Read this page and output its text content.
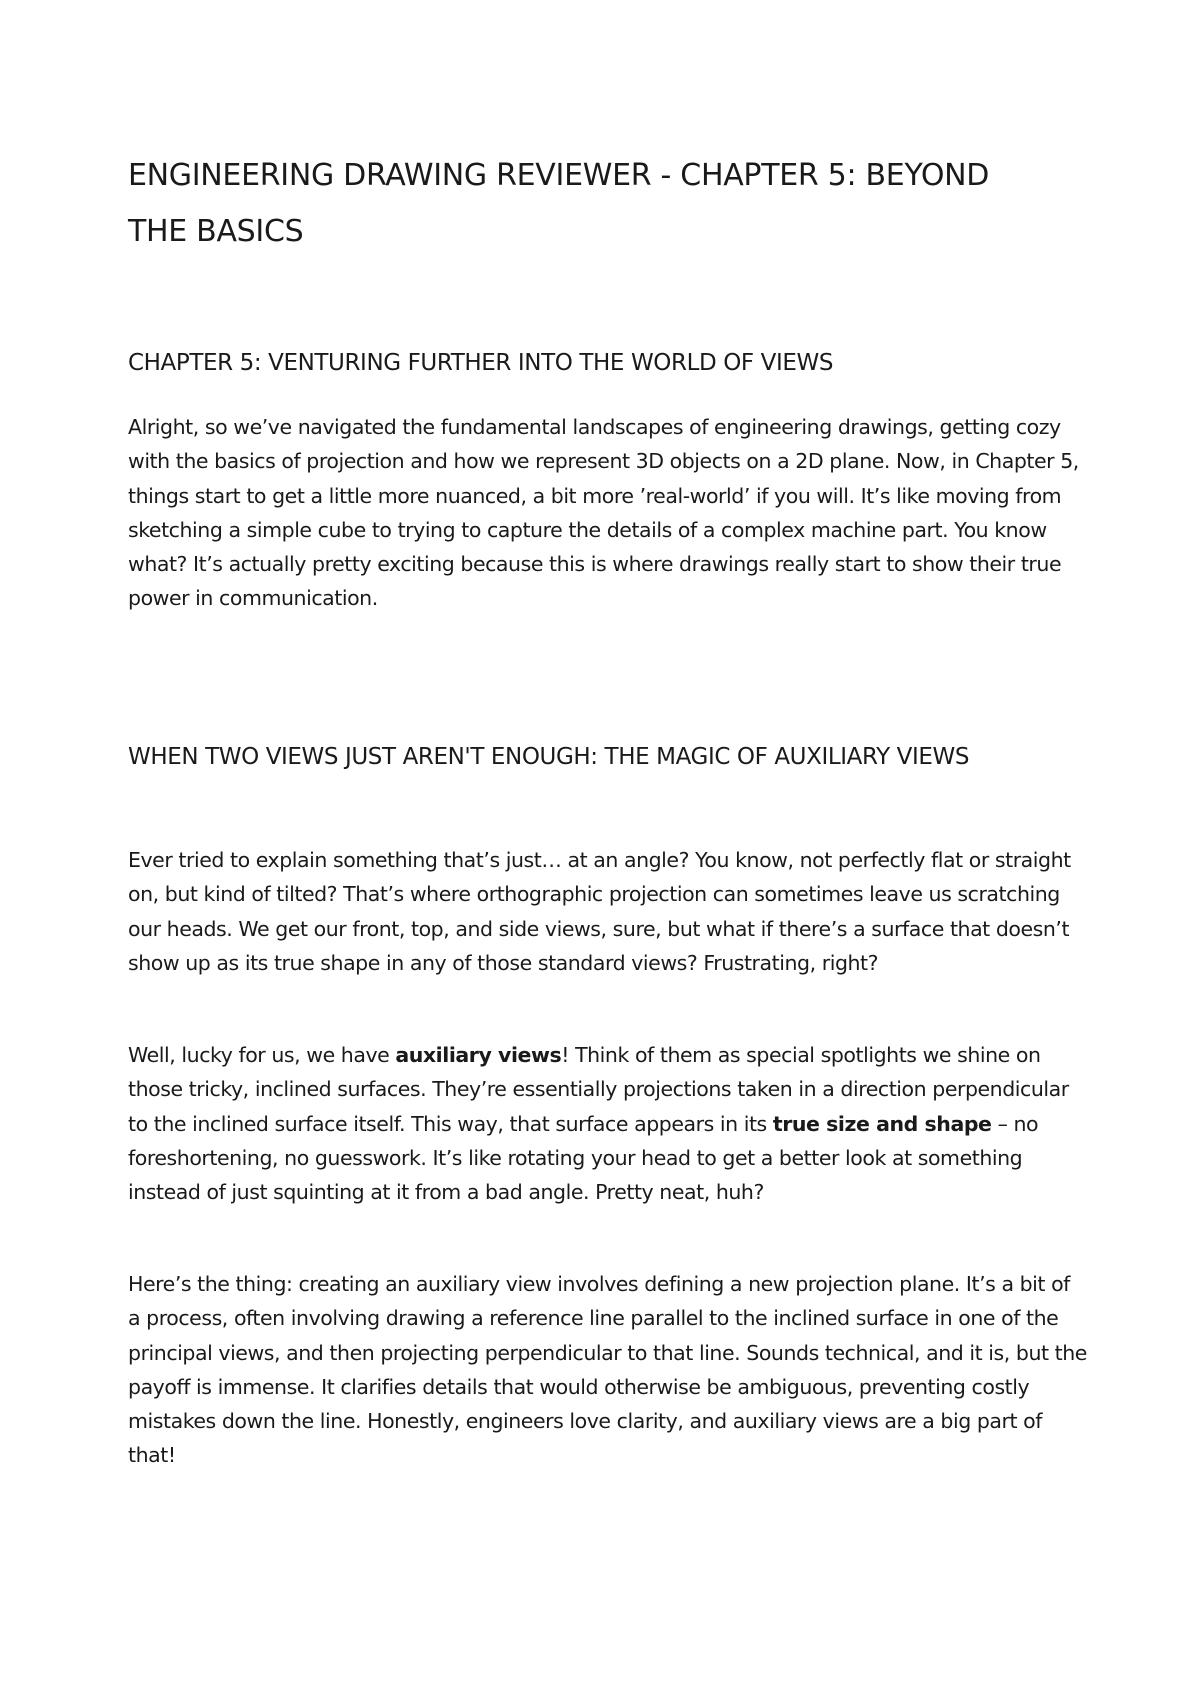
ENGINEERING DRAWING REVIEWER - CHAPTER 5: BEYOND THE BASICS
CHAPTER 5: VENTURING FURTHER INTO THE WORLD OF VIEWS

Alright, so we’ve navigated the fundamental landscapes of engineering drawings, getting cozy with the basics of projection and how we represent 3D objects on a 2D plane. Now, in Chapter 5, things start to get a little more nuanced, a bit more ’real-world’ if you will. It’s like moving from sketching a simple cube to trying to capture the details of a complex machine part. You know what? It’s actually pretty exciting because this is where drawings really start to show their true power in communication.

WHEN TWO VIEWS JUST AREN'T ENOUGH: THE MAGIC OF AUXILIARY VIEWS

Ever tried to explain something that’s just… at an angle? You know, not perfectly flat or straight on, but kind of tilted? That’s where orthographic projection can sometimes leave us scratching our heads. We get our front, top, and side views, sure, but what if there’s a surface that doesn’t show up as its true shape in any of those standard views? Frustrating, right?

Well, lucky for us, we have auxiliary views! Think of them as special spotlights we shine on those tricky, inclined surfaces. They’re essentially projections taken in a direction perpendicular to the inclined surface itself. This way, that surface appears in its true size and shape – no foreshortening, no guesswork. It’s like rotating your head to get a better look at something instead of just squinting at it from a bad angle. Pretty neat, huh?

Here’s the thing: creating an auxiliary view involves defining a new projection plane. It’s a bit of a process, often involving drawing a reference line parallel to the inclined surface in one of the principal views, and then projecting perpendicular to that line. Sounds technical, and it is, but the payoff is immense. It clarifies details that would otherwise be ambiguous, preventing costly mistakes down the line. Honestly, engineers love clarity, and auxiliary views are a big part of that!
